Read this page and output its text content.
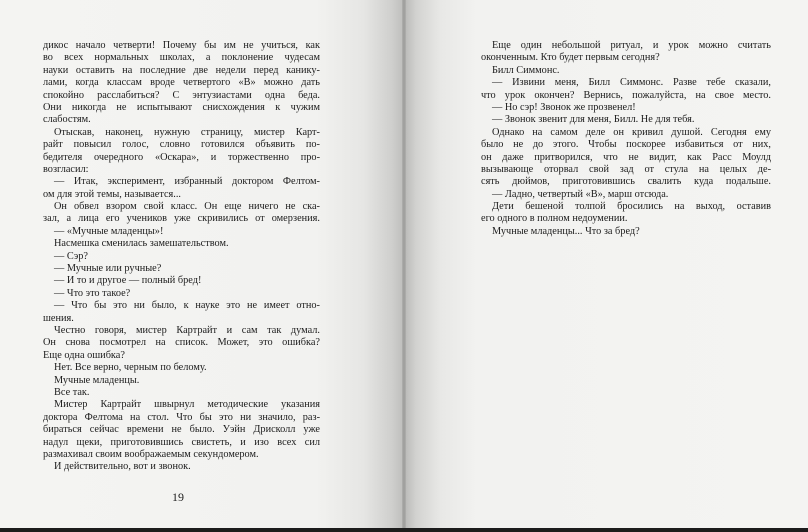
дикос начало четверти! Почему бы им не учиться, как
во всех нормальных школах, а поклонение чудесам
науки оставить на последние две недели перед канику-
лами, когда классам вроде четвертого «В» можно дать
спокойно расслабиться? С энтузиастами одна беда.
Они никогда не испытывают снисхождения к чужим
слабостям.
Отыскав, наконец, нужную страницу, мистер Карт-
райт повысил голос, словно готовился объявить по-
бедителя очередного «Оскара», и торжественно про-
возгласил:
— Итак, эксперимент, избранный доктором Фелтом-
ом для этой темы, называется...
Он обвел взором свой класс. Он еще ничего не ска-
зал, а лица его учеников уже скривились от омерзения.
— «Мучные младенцы»!
Насмешка сменилась замешательством.
— Сэр?
— Мучные или ручные?
— И то и другое — полный бред!
— Что это такое?
— Что бы это ни было, к науке это не имеет отно-
шения.
Честно говоря, мистер Картрайт и сам так думал.
Он снова посмотрел на список. Может, это ошибка?
Еще одна ошибка?
Нет. Все верно, черным по белому.
Мучные младенцы.
Все так.
Мистер Картрайт швырнул методические указания
доктора Фелтома на стол. Что бы это ни значило, раз-
бираться сейчас времени не было. Уэйн Дрисколл уже
надул щеки, приготовившись свистеть, и изо всех сил
размахивал своим воображаемым секундомером.
И действительно, вот и звонок.
19
Еще один небольшой ритуал, и урок можно считать
оконченным. Кто будет первым сегодня?
Билл Симмонс.
— Извини меня, Билл Симмонс. Разве тебе сказали,
что урок окончен? Вернись, пожалуйста, на свое место.
— Но сэр! Звонок же прозвенел!
— Звонок звенит для меня, Билл. Не для тебя.
Однако на самом деле он кривил душой. Сегодня ему
было не до этого. Чтобы поскорее избавиться от них,
он даже притворился, что не видит, как Расс Моулд
вызывающе оторвал свой зад от стула на целых де-
сять дюймов, приготовившись свалить куда подальше.
— Ладно, четвертый «В», марш отсюда.
Дети бешеной толпой бросились на выход, оставив
его одного в полном недоумении.
Мучные младенцы... Что за бред?
